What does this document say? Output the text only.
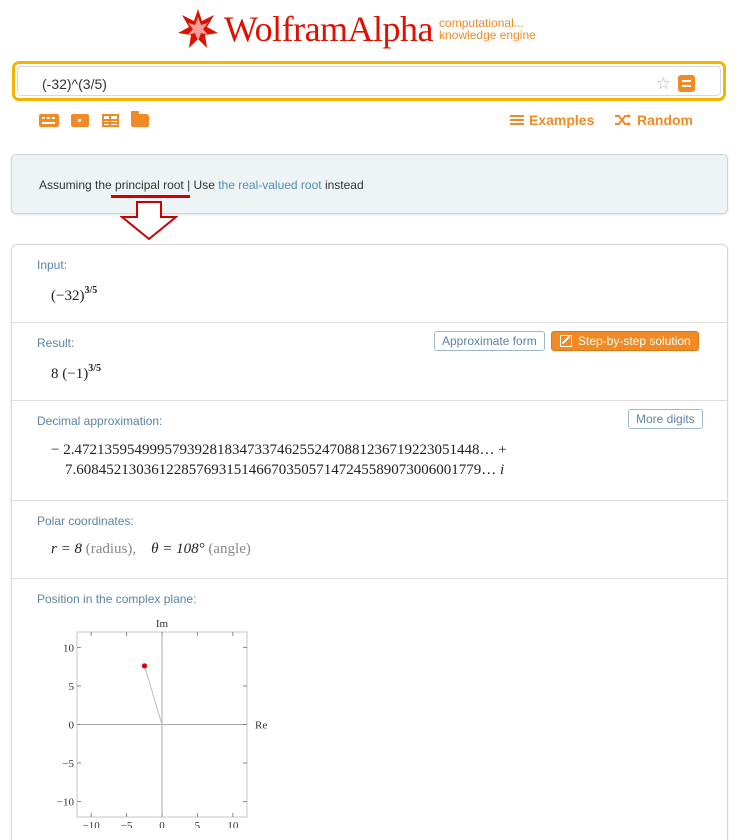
WolframAlpha computational...
knowledge engine
(-32)^(3/5)	☆
Examples	Random
Assuming the principal root | Use the real-valued root instead
Input:
$(-32)^{3/5}$
Result:	Approximate form	Step-by-step solution
8 $(-1)^{3/5}$
Decimal approximation:	More digits
− 2.472135954999579392818347337462552470881236719223051448… +
7.608452130361228576931514667035057147245589073006001779… i
Polar coordinates:
r = 8 (radius), θ = 108° (angle)
Position in the complex plane:
−10 −5 0	5 10
10
5
0
−5
−10
Im
Re
